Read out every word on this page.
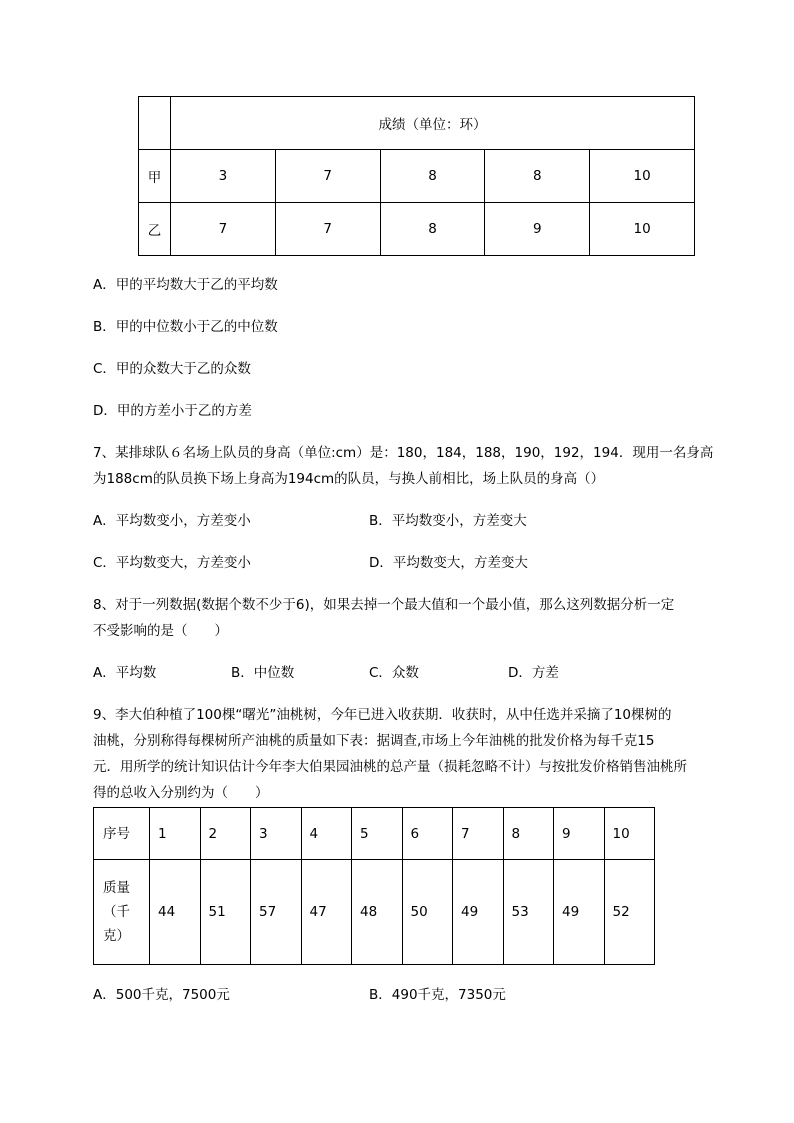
	成绩（单位：环）				
甲	3	7	8	8	10
乙	7	7	8	9	10
A．甲的平均数大于乙的平均数
B．甲的中位数小于乙的中位数
C．甲的众数大于乙的众数
D．甲的方差小于乙的方差
7、某排球队６名场上队员的身高（单位:cm）是：180，184，188，190，192，194．现用一名身高
为188cm的队员换下场上身高为194cm的队员，与换人前相比，场上队员的身高（）
A．平均数变小，方差变小	B．平均数变小，方差变大
C．平均数变大，方差变小	D．平均数变大，方差变大
8、对于一列数据(数据个数不少于6)，如果去掉一个最大值和一个最小值，那么这列数据分析一定
不受影响的是（　　）
A．平均数	B．中位数	C．众数	D．方差
9、李大伯种植了100棵“曙光”油桃树，今年已进入收获期．收获时，从中任选并采摘了10棵树的
油桃，分别称得每棵树所产油桃的质量如下表：据调查,市场上今年油桃的批发价格为每千克15
元．用所学的统计知识估计今年李大伯果园油桃的总产量（损耗忽略不计）与按批发价格销售油桃所
得的总收入分别约为（　　）
序号	1	2	3	4	5	6	7	8	9	10

质量
（千
克）	44	51	57	47	48	50	49	53	49	52
A．500千克，7500元	B．490千克，7350元
